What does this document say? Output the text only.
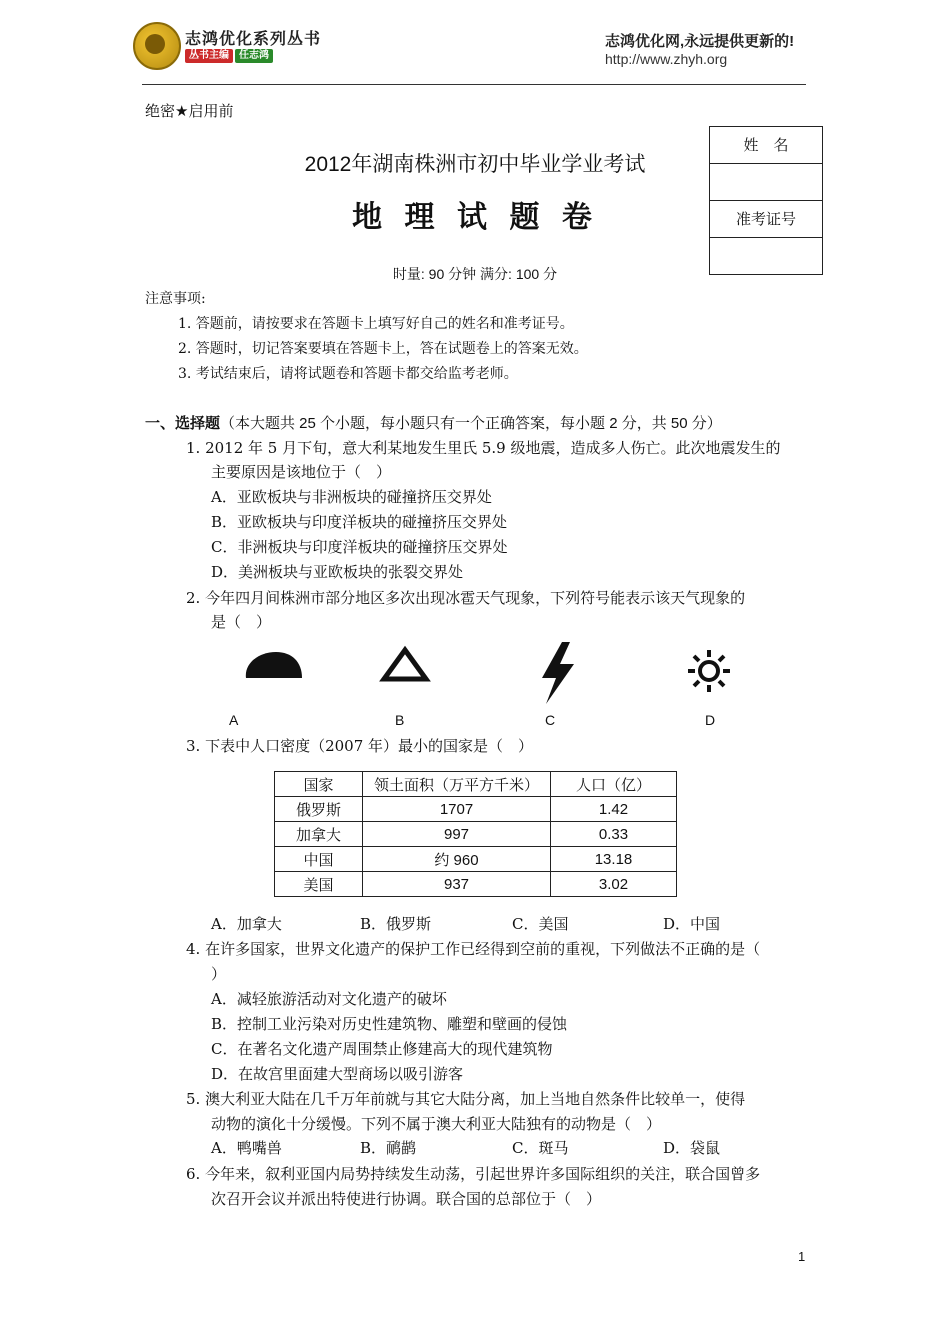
志鸿优化系列丛书
丛书主编	任志鸿
志鸿优化网,永远提供更新的!
http://www.zhyh.org
绝密★启用前
2012年湖南株洲市初中毕业学业考试
地 理 试 题 卷
时量: 90 分钟 满分: 100 分
姓　名
准考证号
注意事项:
1. 答题前，请按要求在答题卡上填写好自己的姓名和准考证号。
2. 答题时，切记答案要填在答题卡上，答在试题卷上的答案无效。
3. 考试结束后，请将试题卷和答题卡都交给监考老师。
一、选择题（本大题共 25 个小题，每小题只有一个正确答案，每小题 2 分，共 50 分）
1. 2012 年 5 月下旬，意大利某地发生里氏 5.9 级地震，造成多人伤亡。此次地震发生的
主要原因是该地位于（　）
A．亚欧板块与非洲板块的碰撞挤压交界处
B．亚欧板块与印度洋板块的碰撞挤压交界处
C．非洲板块与印度洋板块的碰撞挤压交界处
D．美洲板块与亚欧板块的张裂交界处
2. 今年四月间株洲市部分地区多次出现冰雹天气现象，下列符号能表示该天气现象的
是（　）
A	B	C	D
3. 下表中人口密度（2007 年）最小的国家是（　）
国家	领土面积（万平方千米）	人口（亿）
俄罗斯	1707	1.42
加拿大	997	0.33
中国	约 960	13.18
美国	937	3.02
A．加拿大	B．俄罗斯	C．美国	D．中国
4. 在许多国家，世界文化遗产的保护工作已经得到空前的重视，下列做法不正确的是（
）
A．减轻旅游活动对文化遗产的破坏
B．控制工业污染对历史性建筑物、雕塑和壁画的侵蚀
C．在著名文化遗产周围禁止修建高大的现代建筑物
D．在故宫里面建大型商场以吸引游客
5. 澳大利亚大陆在几千万年前就与其它大陆分离，加上当地自然条件比较单一，使得
动物的演化十分缓慢。下列不属于澳大利亚大陆独有的动物是（　）
A．鸭嘴兽	B．鸸鹋	C．斑马	D．袋鼠
6. 今年来，叙利亚国内局势持续发生动荡，引起世界许多国际组织的关注，联合国曾多
次召开会议并派出特使进行协调。联合国的总部位于（　）
1
